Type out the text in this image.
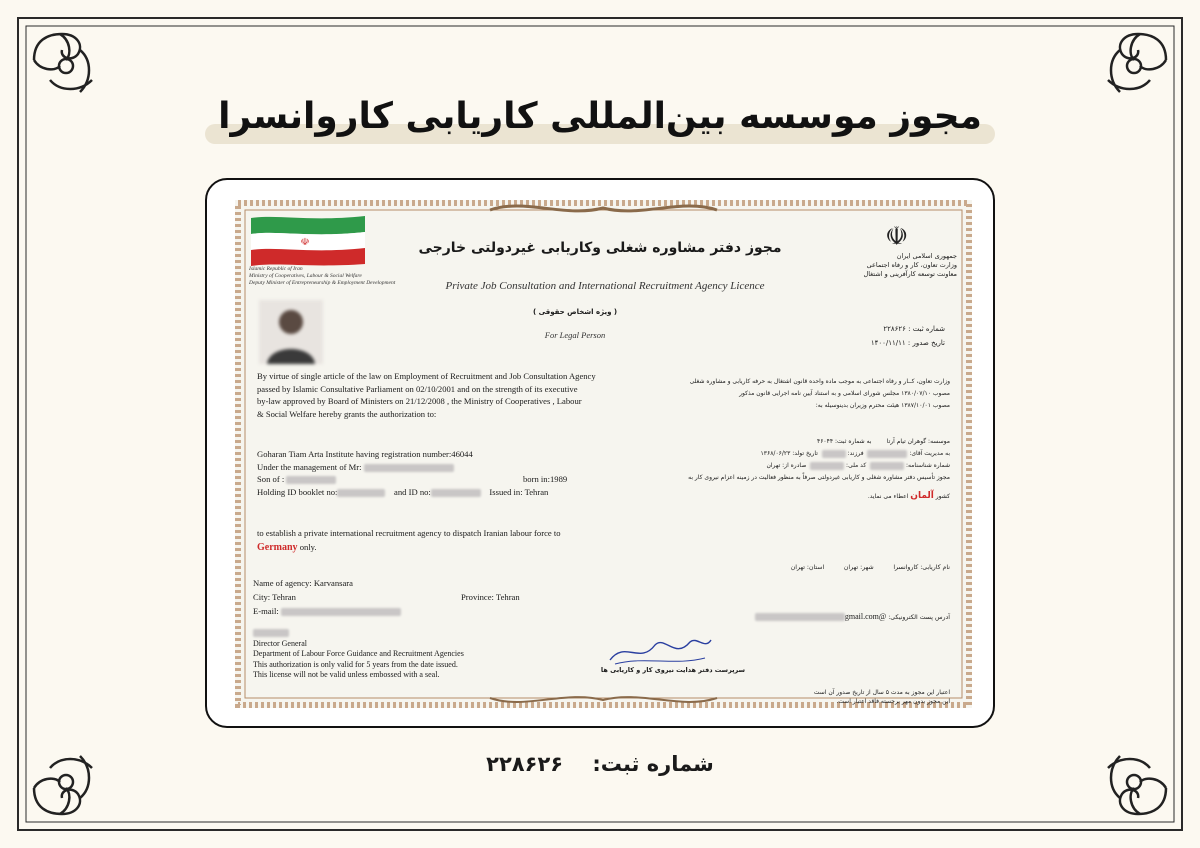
مجوز موسسه بین‌المللی کاریابی کاروانسرا
☫
Islamic Republic of Iran
Ministry of Cooperatives, Labour & Social Welfare
Deputy Minister of Entrepreneurship & Employment Development
☫
جمهوری اسلامی ایران
وزارت تعاون، کار و رفاه اجتماعی
معاونت توسعه کارآفرینی و اشتغال
مجوز دفتر مشاوره شغلی وکاریابی غیردولتی خارجی
Private Job Consultation and International Recruitment Agency Licence
( ویژه اشخاص حقوقی )
For Legal Person
شماره ثبت : ۲۲۸۶۲۶
تاریخ صدور : ۱۴۰۰/۱۱/۱۱
By virtue of single article of the law on Employment of Recruitment and Job Consultation Agency
passed by Islamic Consultative Parliament on 02/10/2001 and on the strength of its executive
by-law approved by Board of Ministers on 21/12/2008 , the Ministry of Cooperatives , Labour
& Social Welfare hereby grants the authorization to:
وزارت تعاون، کــار و رفاه اجتماعی به موجب ماده واحده قانون اشتغال به حرفه کاریابی و مشاوره شغلی
مصوب ۱۳۸۰/۰۷/۱۰ مجلس شورای اسلامی و به استناد آیین نامه اجرایی قانون مذکور
مصوب ۱۳۸۷/۱۰/۰۱ هیئت محترم وزیران بدینوسیله به:
Goharan Tiam Arta Institute having registration number:46044
Under the management of Mr:
Son of :	born in:1989
Holding ID booklet no:	and ID no:	Issued in: Tehran
موسسه: گوهران تیام آرتا        به شماره ثبت: ۴۶۰۴۴
به مدیریت آقای:   فرزند:   تاریخ تولد: ۱۳۶۸/۰۶/۲۳
شماره شناسنامه:   کد ملی:   صادره از: تهران
مجوز تأسیس دفتر مشاوره شغلی و کاریابی غیردولتی صرفاً به منظور فعالیت در زمینه اعزام نیروی کار به
کشور آلمان اعطاء می نماید.
to establish a private international recruitment agency to dispatch Iranian labour force to
Germany only.
Name of agency: Karvansara
City: Tehran	Province: Tehran
E-mail:
نام کاریابی: کاروانسرا          شهر: تهران          استان: تهران
آدرس پست الکترونیکی: @gmail.com
Director General
Department of Labour Force Guidance and Recruitment Agencies
This authorization is only valid for 5 years from the date issued.
This license will not be valid unless embossed with a seal.	سرپرست دفتر هدایت نیروی کار و کاریابی ها
اعتبار این مجوز به مدت ۵ سال از تاریخ صدور آن است
این مجوز بدون مهر برجسته فاقد اعتبار است.
شماره ثبت:    ۲۲۸۶۲۶
